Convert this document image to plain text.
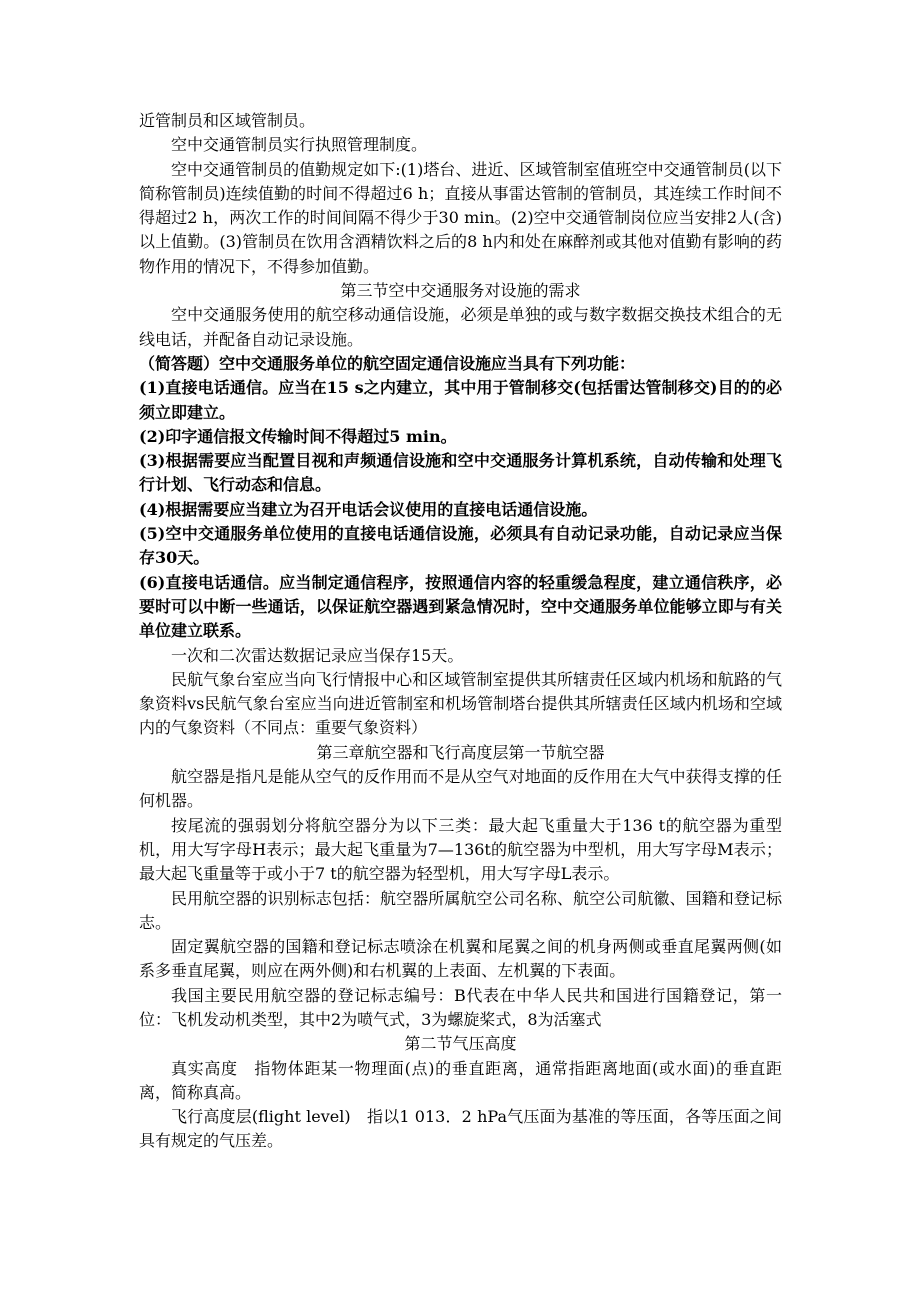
近管制员和区域管制员。

空中交通管制员实行执照管理制度。

空中交通管制员的值勤规定如下:(1)塔台、进近、区域管制室值班空中交通管制员(以下简称管制员)连续值勤的时间不得超过6 h；直接从事雷达管制的管制员，其连续工作时间不得超过2 h，两次工作的时间间隔不得少于30 min。(2)空中交通管制岗位应当安排2人(含)以上值勤。(3)管制员在饮用含酒精饮料之后的8 h内和处在麻醉剂或其他对值勤有影响的药物作用的情况下，不得参加值勤。

第三节空中交通服务对设施的需求

空中交通服务使用的航空移动通信设施，必须是单独的或与数字数据交换技术组合的无线电话，并配备自动记录设施。

（简答题）空中交通服务单位的航空固定通信设施应当具有下列功能：

(1)直接电话通信。应当在15 s之内建立，其中用于管制移交(包括雷达管制移交)目的的必须立即建立。

(2)印字通信报文传输时间不得超过5 min。

(3)根据需要应当配置目视和声频通信设施和空中交通服务计算机系统，自动传输和处理飞行计划、飞行动态和信息。

(4)根据需要应当建立为召开电话会议使用的直接电话通信设施。

(5)空中交通服务单位使用的直接电话通信设施，必须具有自动记录功能，自动记录应当保存30天。

(6)直接电话通信。应当制定通信程序，按照通信内容的轻重缓急程度，建立通信秩序，必要时可以中断一些通话，以保证航空器遇到紧急情况时，空中交通服务单位能够立即与有关单位建立联系。

一次和二次雷达数据记录应当保存15天。

民航气象台室应当向飞行情报中心和区域管制室提供其所辖责任区域内机场和航路的气象资料vs民航气象台室应当向进近管制室和机场管制塔台提供其所辖责任区域内机场和空域内的气象资料（不同点：重要气象资料）

第三章航空器和飞行高度层第一节航空器

航空器是指凡是能从空气的反作用而不是从空气对地面的反作用在大气中获得支撑的任何机器。

按尾流的强弱划分将航空器分为以下三类：最大起飞重量大于136 t的航空器为重型机，用大写字母H表示；最大起飞重量为7—136t的航空器为中型机，用大写字母M表示；最大起飞重量等于或小于7 t的航空器为轻型机，用大写字母L表示。

民用航空器的识别标志包括：航空器所属航空公司名称、航空公司航徽、国籍和登记标志。

固定翼航空器的国籍和登记标志喷涂在机翼和尾翼之间的机身两侧或垂直尾翼两侧(如系多垂直尾翼，则应在两外侧)和右机翼的上表面、左机翼的下表面。

我国主要民用航空器的登记标志编号：B代表在中华人民共和国进行国籍登记，第一位：飞机发动机类型，其中2为喷气式，3为螺旋桨式，8为活塞式

第二节气压高度

真实高度　指物体距某一物理面(点)的垂直距离，通常指距离地面(或水面)的垂直距离，简称真高。

飞行高度层(flight level)　指以1 013．2 hPa气压面为基准的等压面，各等压面之间具有规定的气压差。
